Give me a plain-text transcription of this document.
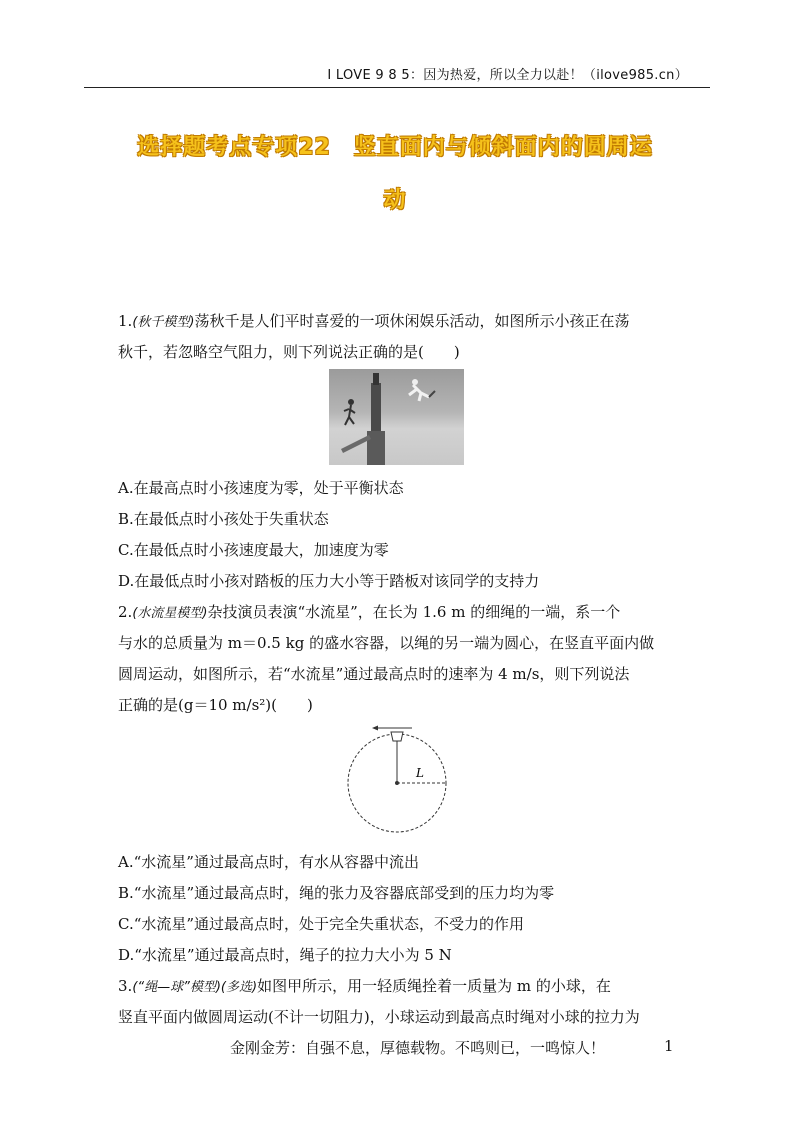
I LOVE 9 8 5：因为热爱，所以全力以赴！（ilove985.cn）
选择题考点专项22　竖直面内与倾斜面内的圆周运
动
1.(秋千模型)荡秋千是人们平时喜爱的一项休闲娱乐活动，如图所示小孩正在荡
秋千，若忽略空气阻力，则下列说法正确的是(　　)
A.在最高点时小孩速度为零，处于平衡状态
B.在最低点时小孩处于失重状态
C.在最低点时小孩速度最大，加速度为零
D.在最低点时小孩对踏板的压力大小等于踏板对该同学的支持力
2.(水流星模型)杂技演员表演“水流星”，在长为 1.6 m 的细绳的一端，系一个
与水的总质量为 m＝0.5 kg 的盛水容器，以绳的另一端为圆心，在竖直平面内做
圆周运动，如图所示，若“水流星”通过最高点时的速率为 4 m/s，则下列说法
正确的是(g＝10 m/s²)(　　)
L
A.“水流星”通过最高点时，有水从容器中流出
B.“水流星”通过最高点时，绳的张力及容器底部受到的压力均为零
C.“水流星”通过最高点时，处于完全失重状态，不受力的作用
D.“水流星”通过最高点时，绳子的拉力大小为 5 N
3.(“绳—球”模型)(多选)如图甲所示，用一轻质绳拴着一质量为 m 的小球，在
竖直平面内做圆周运动(不计一切阻力)，小球运动到最高点时绳对小球的拉力为
金刚金芳：自强不息，厚德载物。不鸣则已，一鸣惊人！	1
